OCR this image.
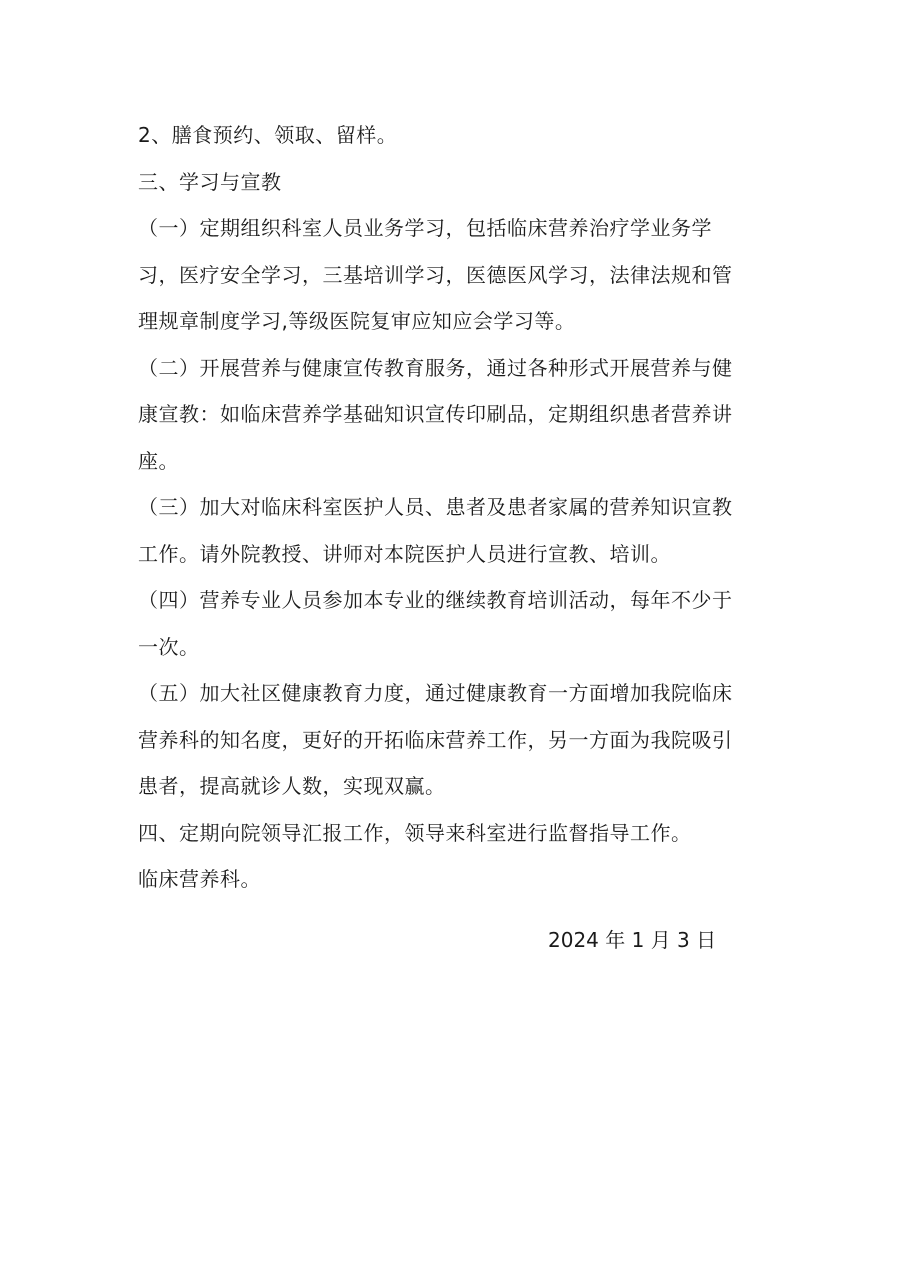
2、膳食预约、领取、留样。
三、学习与宣教
（一）定期组织科室人员业务学习，包括临床营养治疗学业务学
习，医疗安全学习，三基培训学习，医德医风学习，法律法规和管
理规章制度学习,等级医院复审应知应会学习等。
（二）开展营养与健康宣传教育服务，通过各种形式开展营养与健
康宣教：如临床营养学基础知识宣传印刷品，定期组织患者营养讲
座。
（三）加大对临床科室医护人员、患者及患者家属的营养知识宣教
工作。请外院教授、讲师对本院医护人员进行宣教、培训。
（四）营养专业人员参加本专业的继续教育培训活动，每年不少于
一次。
（五）加大社区健康教育力度，通过健康教育一方面增加我院临床
营养科的知名度，更好的开拓临床营养工作，另一方面为我院吸引
患者，提高就诊人数，实现双赢。
四、定期向院领导汇报工作，领导来科室进行监督指导工作。
临床营养科。
2024 年 1 月 3 日
